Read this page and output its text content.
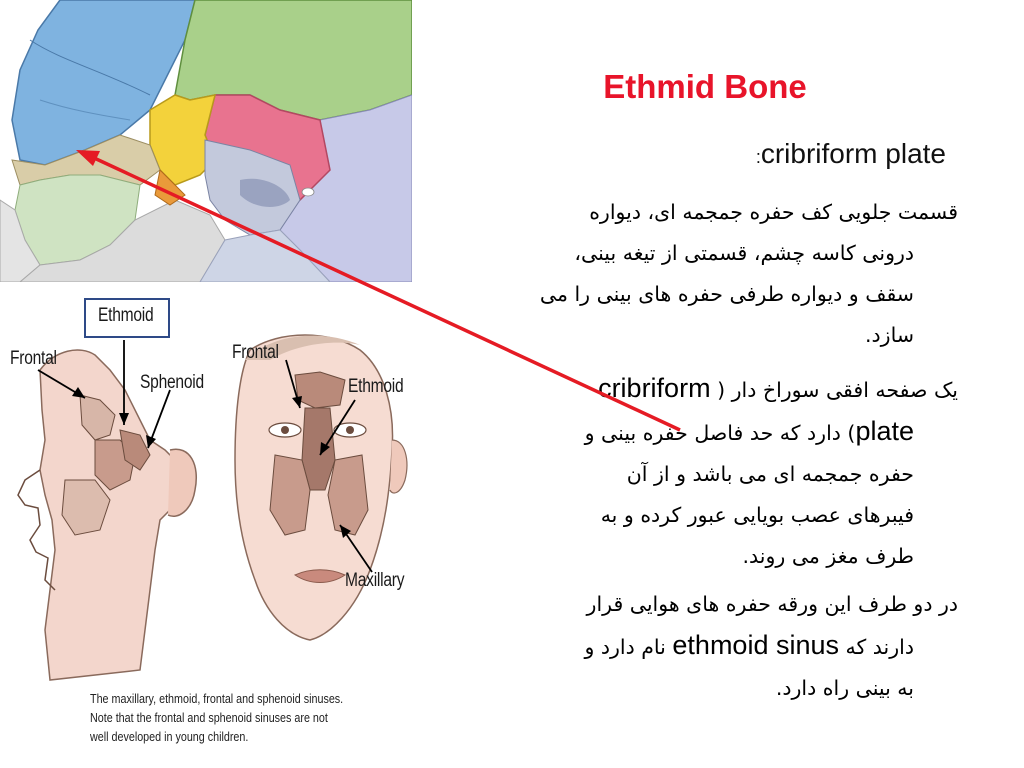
Ethmoid
Frontal
Sphenoid
Frontal
Ethmoid
Maxillary
The maxillary, ethmoid, frontal and sphenoid sinuses.
Note that the frontal and sphenoid sinuses are not
well developed in young children.
Ethmid Bone
:cribriform plate
قسمت جلویی کف حفره جمجمه ای، دیواره
درونی کاسه چشم، قسمتی از تیغه بینی،
سقف و دیواره طرفی حفره های بینی را می
سازد.
یک صفحه افقی سوراخ دار ( cribriform
plate) دارد که حد فاصل حفره بینی و
حفره جمجمه ای می باشد و از آن
فیبرهای عصب بویایی عبور کرده و به
طرف مغز می روند.
در دو طرف این ورقه حفره های هوایی قرار
دارند که ethmoid sinus نام دارد و
به بینی راه دارد.
